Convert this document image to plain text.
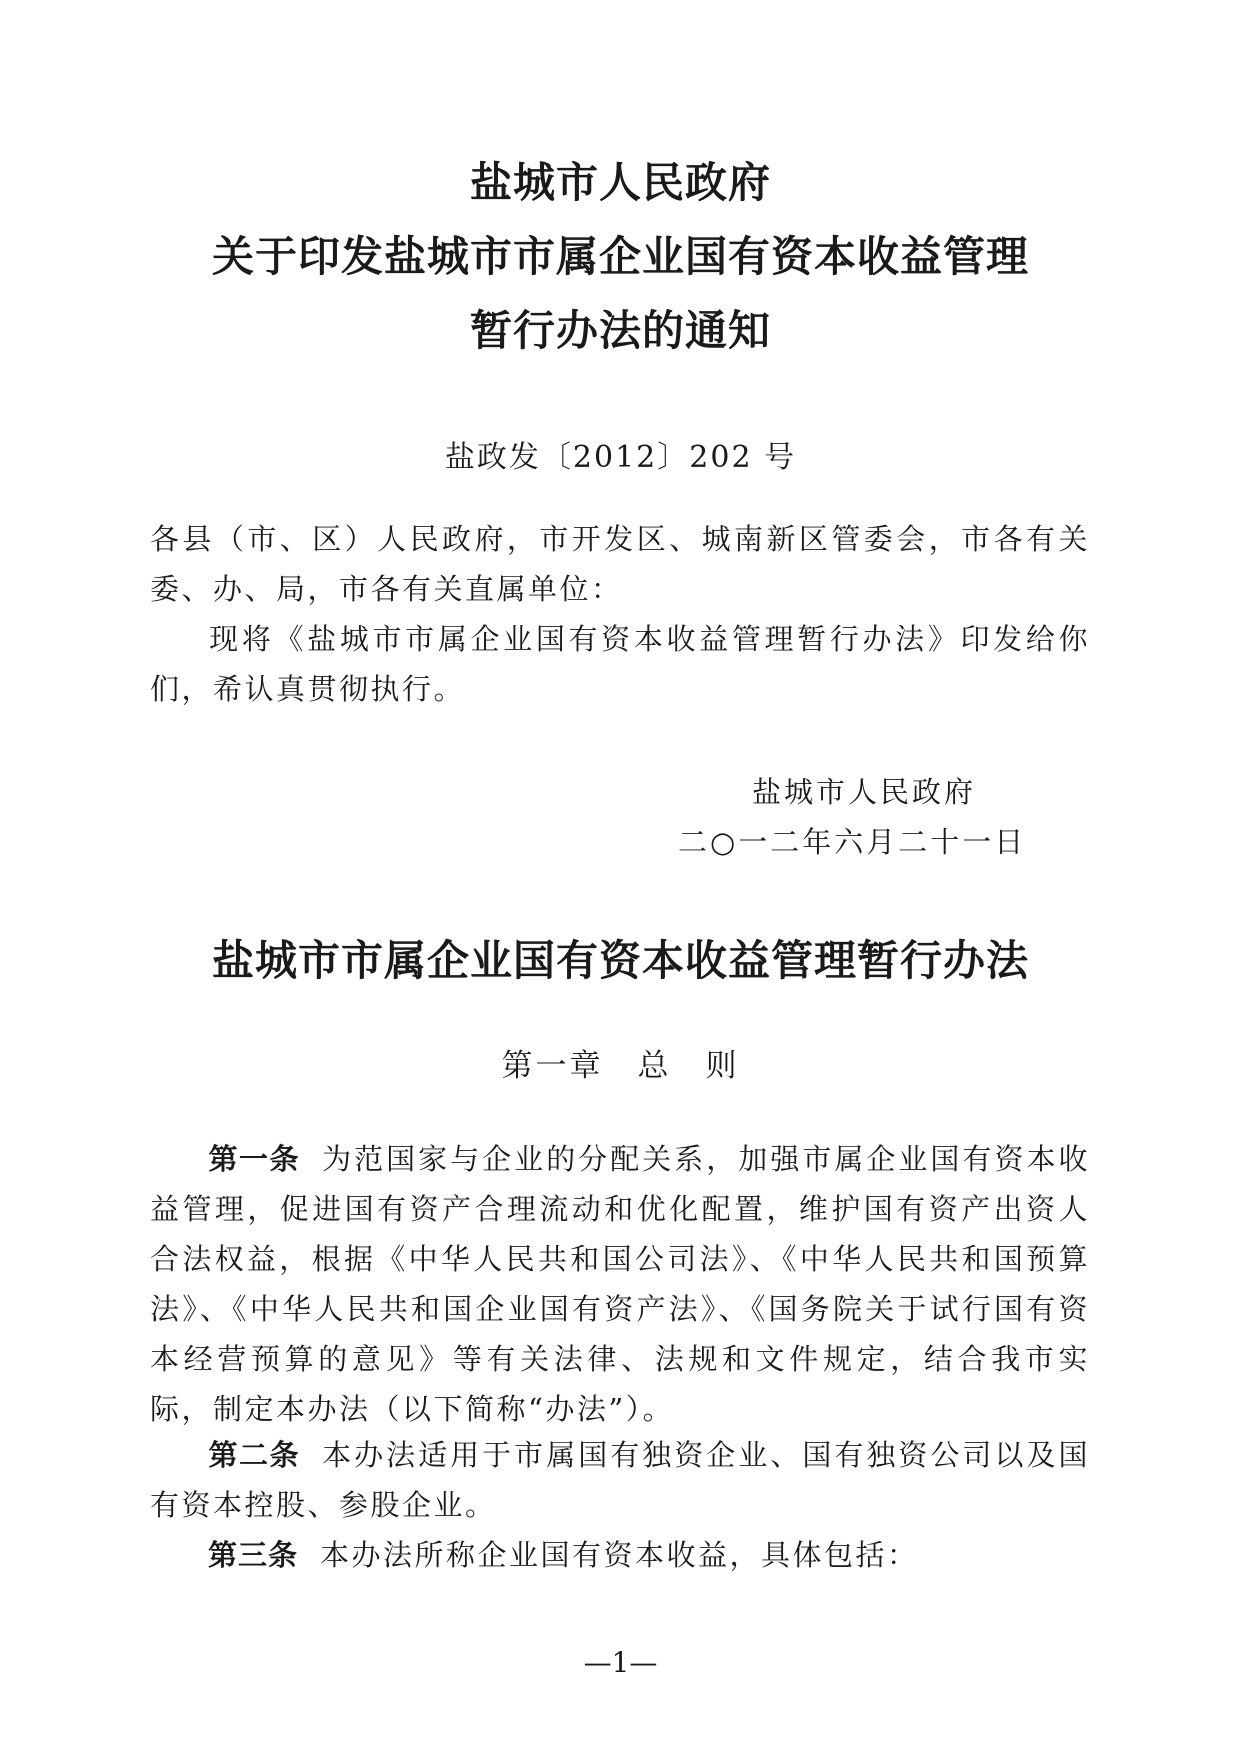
盐城市人民政府
关于印发盐城市市属企业国有资本收益管理
暂行办法的通知
盐政发〔2012〕202 号
各县（市、区）人民政府，市开发区、城南新区管委会，市各有关委、办、局，市各有关直属单位：
现将《盐城市市属企业国有资本收益管理暂行办法》印发给你们，希认真贯彻执行。
盐城市人民政府
二○一二年六月二十一日
盐城市市属企业国有资本收益管理暂行办法
第一章　总　则
第一条 为范国家与企业的分配关系，加强市属企业国有资本收益管理，促进国有资产合理流动和优化配置，维护国有资产出资人合法权益，根据《中华人民共和国公司法》、《中华人民共和国预算法》、《中华人民共和国企业国有资产法》、《国务院关于试行国有资本经营预算的意见》等有关法律、法规和文件规定，结合我市实际，制定本办法（以下简称“办法”）。
第二条 本办法适用于市属国有独资企业、国有独资公司以及国有资本控股、参股企业。
第三条 本办法所称企业国有资本收益，具体包括：
—1—
